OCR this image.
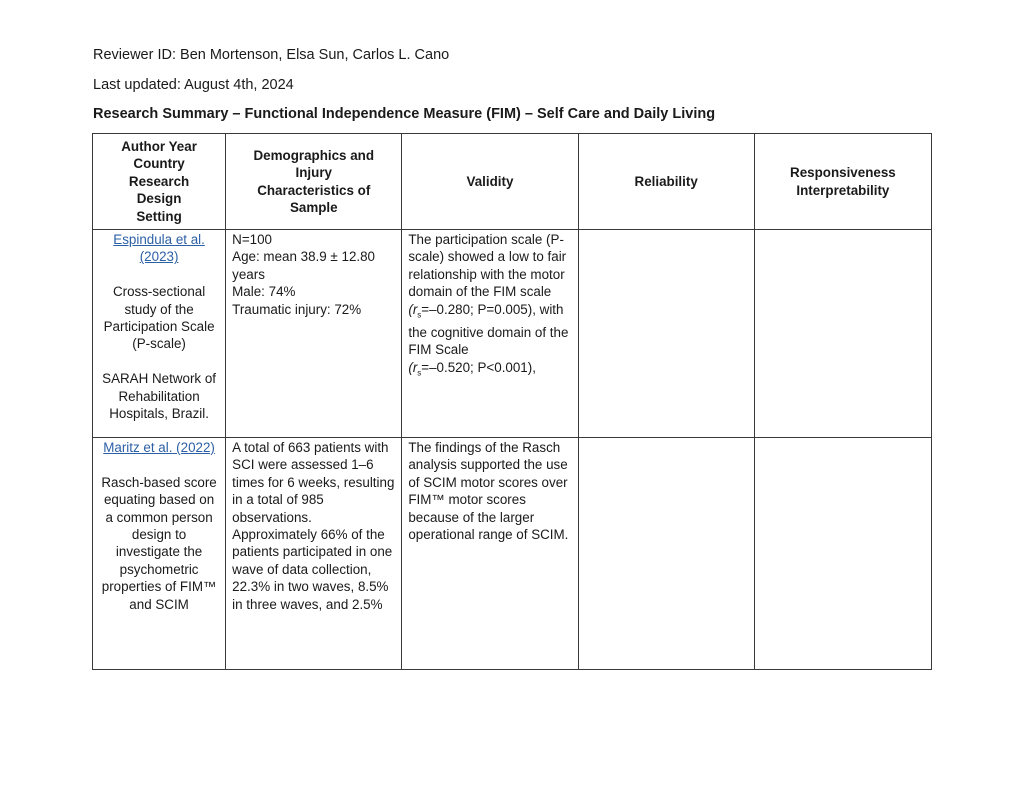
Reviewer ID: Ben Mortenson, Elsa Sun, Carlos L. Cano
Last updated: August 4th, 2024
Research Summary – Functional Independence Measure (FIM) – Self Care and Daily Living
Author Year
Country
Research
Design
Setting	Demographics and
Injury
Characteristics of
Sample	Validity	Reliability	Responsiveness
Interpretability

Espindula et al. (2023)
Cross-sectional study of the Participation Scale (P-scale)
SARAH Network of Rehabilitation Hospitals, Brazil.	N=100
Age: mean 38.9 ± 12.80 years
Male: 74%
Traumatic injury: 72%	The participation scale (P-scale) showed a low to fair relationship with the motor domain of the FIM scale
($r_s=-0.280$; P=0.005), with the cognitive domain of the FIM Scale
($r_s=-0.520$; P<0.001),		

Maritz et al. (2022)
Rasch-based score equating based on a common person design to investigate the psychometric properties of FIM™ and SCIM	A total of 663 patients with SCI were assessed 1–6 times for 6 weeks, resulting in a total of 985 observations. Approximately 66% of the patients participated in one wave of data collection, 22.3% in two waves, 8.5% in three waves, and 2.5%	The findings of the Rasch analysis supported the use of SCIM motor scores over FIM™ motor scores because of the larger operational range of SCIM.		
